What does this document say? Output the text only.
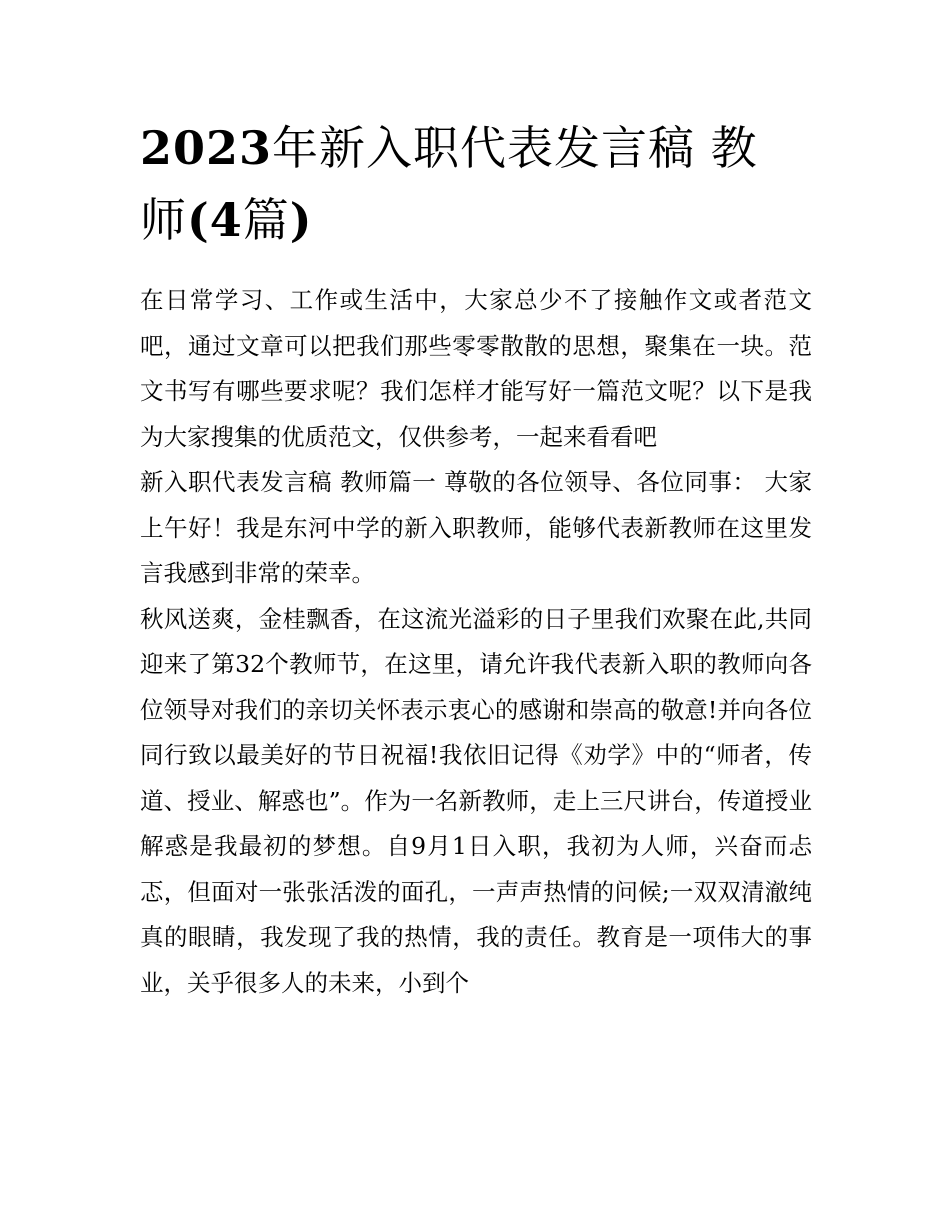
2023年新入职代表发言稿 教
师(4篇)

在日常学习、工作或生活中，大家总少不了接触作文或者范文吧，通过文章可以把我们那些零零散散的思想，聚集在一块。范文书写有哪些要求呢？我们怎样才能写好一篇范文呢？以下是我为大家搜集的优质范文，仅供参考，一起来看看吧

新入职代表发言稿 教师篇一 尊敬的各位领导、各位同事： 大家上午好！我是东河中学的新入职教师，能够代表新教师在这里发言我感到非常的荣幸。

秋风送爽，金桂飘香，在这流光溢彩的日子里我们欢聚在此,共同迎来了第32个教师节，在这里，请允许我代表新入职的教师向各位领导对我们的亲切关怀表示衷心的感谢和崇高的敬意!并向各位同行致以最美好的节日祝福!我依旧记得《劝学》中的“师者，传道、授业、解惑也”。作为一名新教师，走上三尺讲台，传道授业解惑是我最初的梦想。自9月1日入职，我初为人师，兴奋而忐忑，但面对一张张活泼的面孔，一声声热情的问候;一双双清澈纯真的眼睛，我发现了我的热情，我的责任。教育是一项伟大的事业，关乎很多人的未来，小到个
